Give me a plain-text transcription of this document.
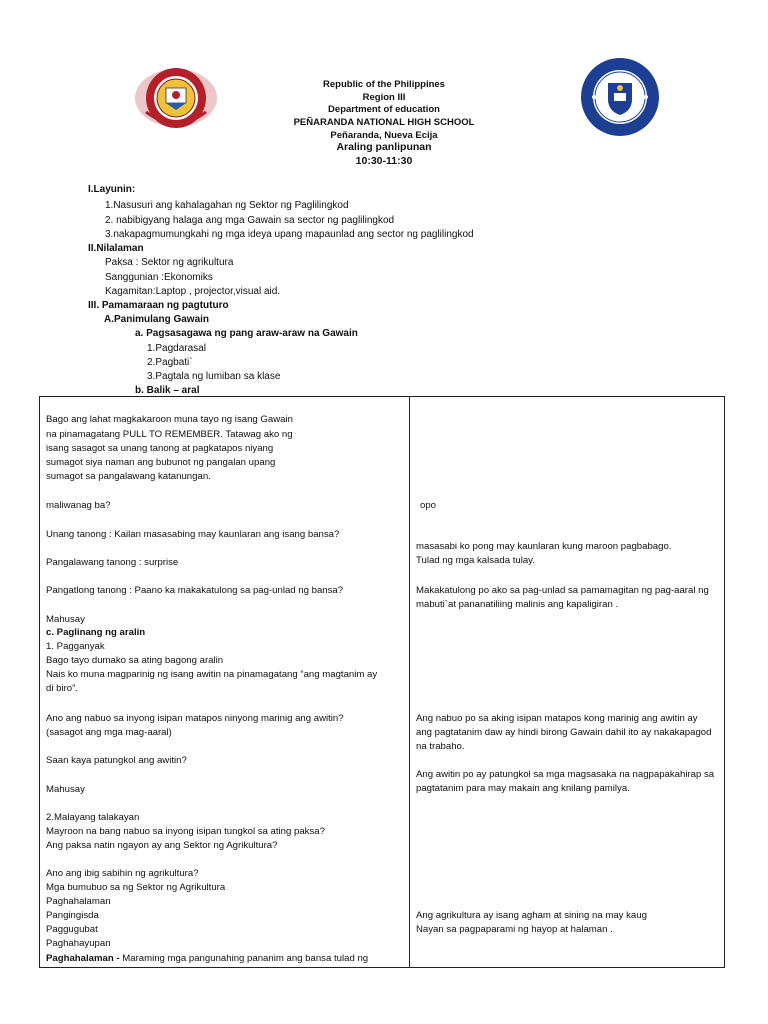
Republic of the Philippines
Region III
Department of education
PEÑARANDA NATIONAL HIGH SCHOOL
Peñaranda, Nueva Ecija
Araling panlipunan
10:30-11:30
I.Layunin:
1.Nasusuri ang kahalagahan ng Sektor ng Paglilingkod
2. nabibigyang halaga ang mga Gawain sa sector ng paglilingkod
3.nakapagmumungkahi ng mga ideya upang mapaunlad ang sector ng paglilingkod
II.Nilalaman
Paksa : Sektor ng agrikultura
Sanggunian :Ekonomiks
Kagamitan:Laptop , projector,visual aid.
III. Pamamaraan ng pagtuturo
A.Panimulang Gawain
a. Pagsasagawa ng pang araw-araw na Gawain
1.Pagdarasal
2.Pagbati`
3.Pagtala ng lumiban sa klase
b. Balik – aral
Bago ang lahat magkakaroon muna tayo ng isang Gawain
na pinamagatang PULL TO REMEMBER. Tatawag ako ng
isang sasagot sa unang tanong at pagkatapos niyang
sumagot siya naman ang bubunot ng pangalan upang
sumagot sa pangalawang katanungan.
maliwanag ba?
Unang tanong : Kailan masasabing may kaunlaran ang isang bansa?
Pangalawang tanong : surprise
Pangatlong tanong : Paano ka makakatulong sa pag-unlad ng bansa?
Mahusay
c. Paglinang ng aralin
1. Pagganyak
Bago tayo dumako sa ating bagong aralin
Nais ko muna magparinig ng isang awitin na pinamagatang “ang magtanim ay
di biro”.
Ano ang nabuo sa inyong isipan matapos ninyong marinig ang awitin?
(sasagot ang mga mag-aaral)
Saan kaya patungkol ang awitin?
Mahusay
2.Malayang talakayan
Mayroon na bang nabuo sa inyong isipan tungkol sa ating paksa?
Ang paksa natin ngayon ay ang Sektor ng Agrikultura?
Ano ang ibig sabihin ng agrikultura?
Mga bumubuo sa ng Sektor ng Agrikultura
Paghahalaman
Pangingisda
Paggugubat
Paghahayupan
Paghahalaman - Maraming mga pangunahing pananim ang bansa tulad ng
opo
masasabi ko pong may kaunlaran kung maroon pagbabago.
Tulad ng mga kalsada tulay.
Makakatulong po ako sa pag-unlad sa pamamagitan ng pag-aaral ng
mabuti`at pananatiliing malinis ang kapaligiran .
Ang nabuo po sa aking isipan matapos kong marinig ang awitin ay
ang pagtatanim daw ay hindi birong Gawain dahil ito ay nakakapagod
na trabaho.
Ang awitin po ay patungkol sa mga magsasaka na nagpapakahirap sa
pagtatanim para may makain ang knilang pamilya.
Ang agrikultura ay isang agham at sining na may kaug
Nayan sa pagpaparami ng hayop at halaman .
